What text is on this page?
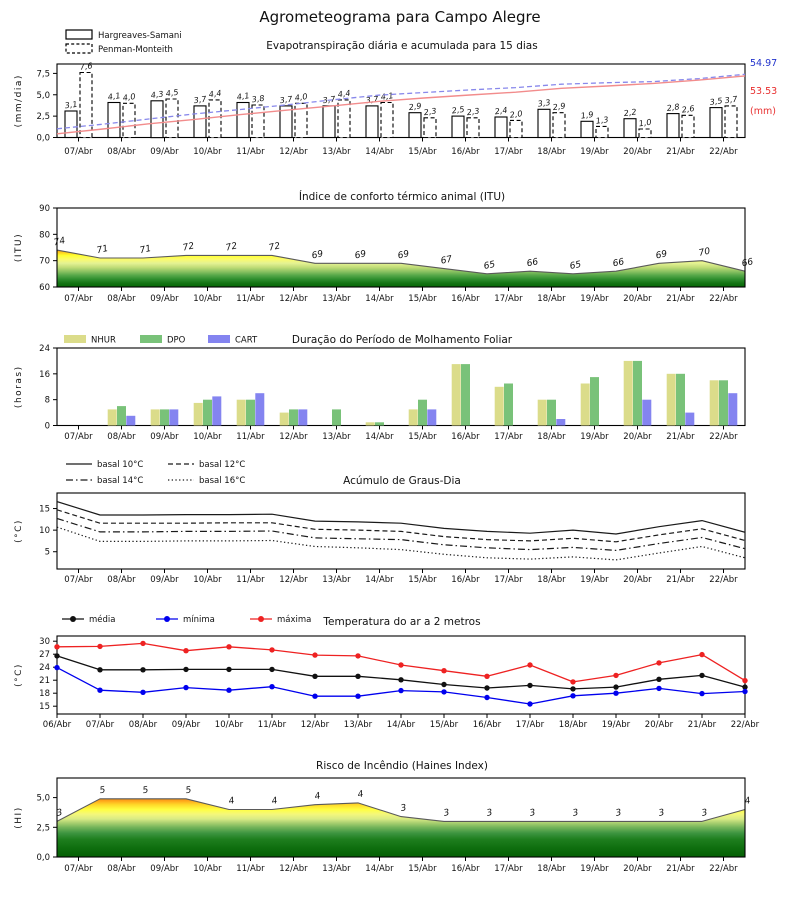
Agrometeograma para Campo Alegre
0,0
2,5
5,0
7,5
(mm/dia)
07/Abr 08/Abr 09/Abr 10/Abr 11/Abr 12/Abr 13/Abr 14/Abr 15/Abr 16/Abr 17/Abr 18/Abr 19/Abr 20/Abr 21/Abr 22/Abr
Evapotranspiração diária e acumulada para 15 dias
Hargreaves-Samani
Penman-Monteith
3,1
4,1	4,3	3,7	4,1	3,7	3,7	3,7
2,9	2,5	2,4
3,3
1,9	2,2	2,8
3,5
7,6
4,0	4,5	4,4	3,8	4,0	4,4	4,1
2,3	2,3	2,0
2,9
1,3	1,0
2,6
3,7
54.97
53.53
(mm)
60
70
80
90
(ITU)
07/Abr 08/Abr 09/Abr 10/Abr 11/Abr 12/Abr 13/Abr 14/Abr 15/Abr 16/Abr 17/Abr 18/Abr 19/Abr 20/Abr 21/Abr 22/Abr
Índice de conforto térmico animal (ITU)
74
71	71	72	72	72
69	69	69	67	65	66	65	66
69	70
66
0
8
16
24
(horas)
07/Abr 08/Abr 09/Abr 10/Abr 11/Abr 12/Abr 13/Abr 14/Abr 15/Abr 16/Abr 17/Abr 18/Abr 19/Abr 20/Abr 21/Abr 22/Abr
Duração do Período de Molhamento Foliar
NHUR	DPO	CART
5
10
15
(°C)
07/Abr 08/Abr 09/Abr 10/Abr 11/Abr 12/Abr 13/Abr 14/Abr 15/Abr 16/Abr 17/Abr 18/Abr 19/Abr 20/Abr 21/Abr 22/Abr
Acúmulo de Graus-Dia
basal 10°C	basal 12°C
basal 14°C	basal 16°C
15
18
21
24
27
30
(°C)
06/Abr 07/Abr 08/Abr 09/Abr 10/Abr 11/Abr 12/Abr 13/Abr 14/Abr 15/Abr 16/Abr 17/Abr 18/Abr 19/Abr 20/Abr 21/Abr 22/Abr
Temperatura do ar a 2 metros
média	mínima	máxima
0,0
2,5
5,0
(HI)
07/Abr 08/Abr 09/Abr 10/Abr 11/Abr 12/Abr 13/Abr 14/Abr 15/Abr 16/Abr 17/Abr 18/Abr 19/Abr 20/Abr 21/Abr 22/Abr
Risco de Incêndio (Haines Index)
3
5	5	5
4	4	4	4
3	3	3	3	3	3	3	3
4
